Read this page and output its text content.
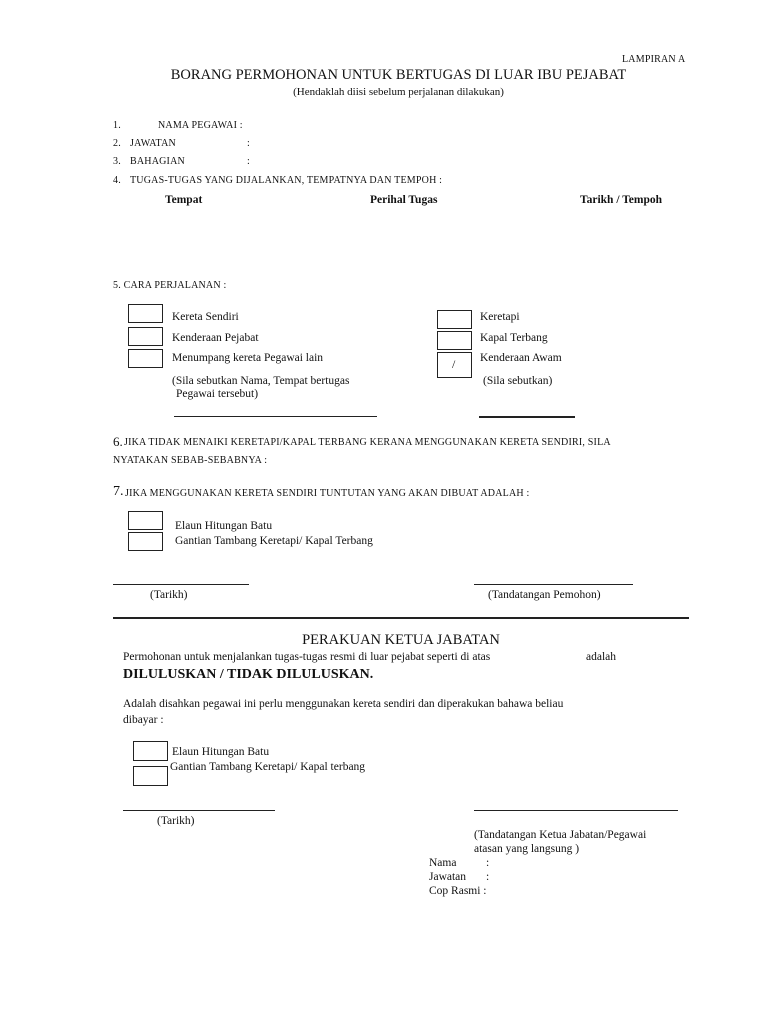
LAMPIRAN A
BORANG PERMOHONAN UNTUK BERTUGAS DI LUAR IBU PEJABAT
(Hendaklah diisi sebelum perjalanan dilakukan)
1.	NAMA PEGAWAI :
2. JAWATAN	:
3. BAHAGIAN	:
4. TUGAS-TUGAS YANG DIJALANKAN, TEMPATNYA DAN TEMPOH :
Tempat	Perihal Tugas	Tarikh / Tempoh
5. CARA PERJALANAN :
Kereta Sendiri
Kenderaan Pejabat
Menumpang kereta Pegawai lain
(Sila sebutkan Nama, Tempat bertugas
Pegawai tersebut)
Keretapi
Kapal Terbang
/ Kenderaan Awam
(Sila sebutkan)
6. JIKA TIDAK MENAIKI KERETAPI/KAPAL TERBANG KERANA MENGGUNAKAN KERETA SENDIRI, SILA
NYATAKAN SEBAB-SEBABNYA :
7. JIKA MENGGUNAKAN KERETA SENDIRI TUNTUTAN YANG AKAN DIBUAT ADALAH :
Elaun Hitungan Batu
Gantian Tambang Keretapi/ Kapal Terbang
(Tarikh)	(Tandatangan Pemohon)
PERAKUAN KETUA JABATAN
Permohonan untuk menjalankan tugas-tugas resmi di luar pejabat seperti di atas	adalah
DILULUSKAN / TIDAK DILULUSKAN.
Adalah disahkan pegawai ini perlu menggunakan kereta sendiri dan diperakukan bahawa beliau
dibayar :
Elaun Hitungan Batu
Gantian Tambang Keretapi/ Kapal terbang
(Tarikh)
(Tandatangan Ketua Jabatan/Pegawai
atasan yang langsung )
Nama	:
Jawatan :
Cop Rasmi :
